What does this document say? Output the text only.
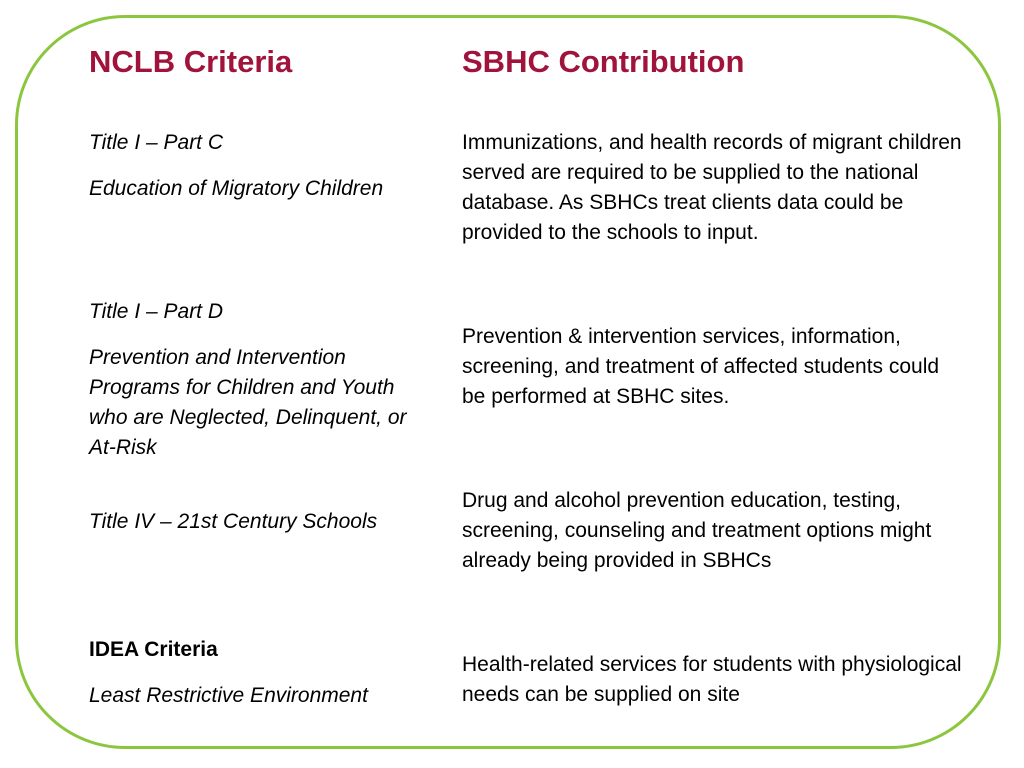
NCLB Criteria	SBHC Contribution
Title I – Part C
Education of Migratory Children
Title I – Part D
Prevention and Intervention Programs for Children and Youth who are Neglected, Delinquent, or At-Risk
Title IV – 21st Century Schools
IDEA Criteria
Least Restrictive Environment
Immunizations, and health records of migrant children served are required to be supplied to the national database. As SBHCs treat clients data could be provided to the schools to input.
Prevention & intervention services, information, screening, and treatment of affected students could be performed at SBHC sites.
Drug and alcohol prevention education, testing, screening, counseling and treatment options might already being provided in SBHCs
Health-related services for students with physiological needs can be supplied on site
